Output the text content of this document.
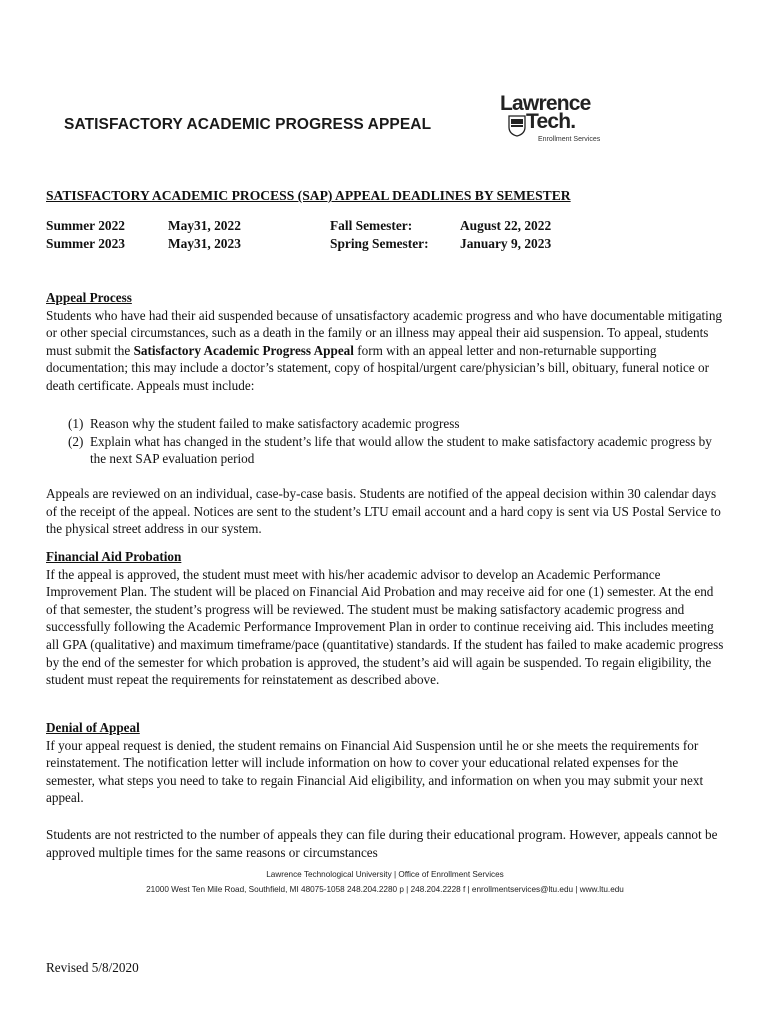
SATISFACTORY ACADEMIC PROGRESS APPEAL
Lawrence
Tech.
Enrollment Services
SATISFACTORY ACADEMIC PROCESS (SAP) APPEAL DEADLINES BY SEMESTER
Summer 2022	May31, 2022	Fall Semester:	August 22, 2022
Summer 2023	May31, 2023	Spring Semester: January 9, 2023

Appeal Process

Students who have had their aid suspended because of unsatisfactory academic progress and who have documentable mitigating or other special circumstances, such as a death in the family or an illness may appeal their aid suspension. To appeal, students must submit the Satisfactory Academic Progress Appeal form with an appeal letter and non-returnable supporting documentation; this may include a doctor’s statement, copy of hospital/urgent care/physician’s bill, obituary, funeral notice or death certificate. Appeals must include:

(1) Reason why the student failed to make satisfactory academic progress
(2) Explain what has changed in the student’s life that would allow the student to make satisfactory academic progress by the next SAP evaluation period
Appeals are reviewed on an individual, case-by-case basis. Students are notified of the appeal decision within 30 calendar days of the receipt of the appeal. Notices are sent to the student’s LTU email account and a hard copy is sent via US Postal Service to the physical street address in our system.

Financial Aid Probation

If the appeal is approved, the student must meet with his/her academic advisor to develop an Academic Performance Improvement Plan. The student will be placed on Financial Aid Probation and may receive aid for one (1) semester. At the end of that semester, the student’s progress will be reviewed. The student must be making satisfactory academic progress and successfully following the Academic Performance Improvement Plan in order to continue receiving aid. This includes meeting all GPA (qualitative) and maximum timeframe/pace (quantitative) standards. If the student has failed to make academic progress by the end of the semester for which probation is approved, the student’s aid will again be suspended. To regain eligibility, the student must repeat the requirements for reinstatement as described above.

Denial of Appeal

If your appeal request is denied, the student remains on Financial Aid Suspension until he or she meets the requirements for reinstatement. The notification letter will include information on how to cover your educational related expenses for the semester, what steps you need to take to regain Financial Aid eligibility, and information on when you may submit your next appeal.

Students are not restricted to the number of appeals they can file during their educational program. However, appeals cannot be approved multiple times for the same reasons or circumstances
Lawrence Technological University | Office of Enrollment Services
21000 West Ten Mile Road, Southfield, MI 48075-1058 248.204.2280 p | 248.204.2228 f | enrollmentservices@ltu.edu | www.ltu.edu
Revised 5/8/2020
